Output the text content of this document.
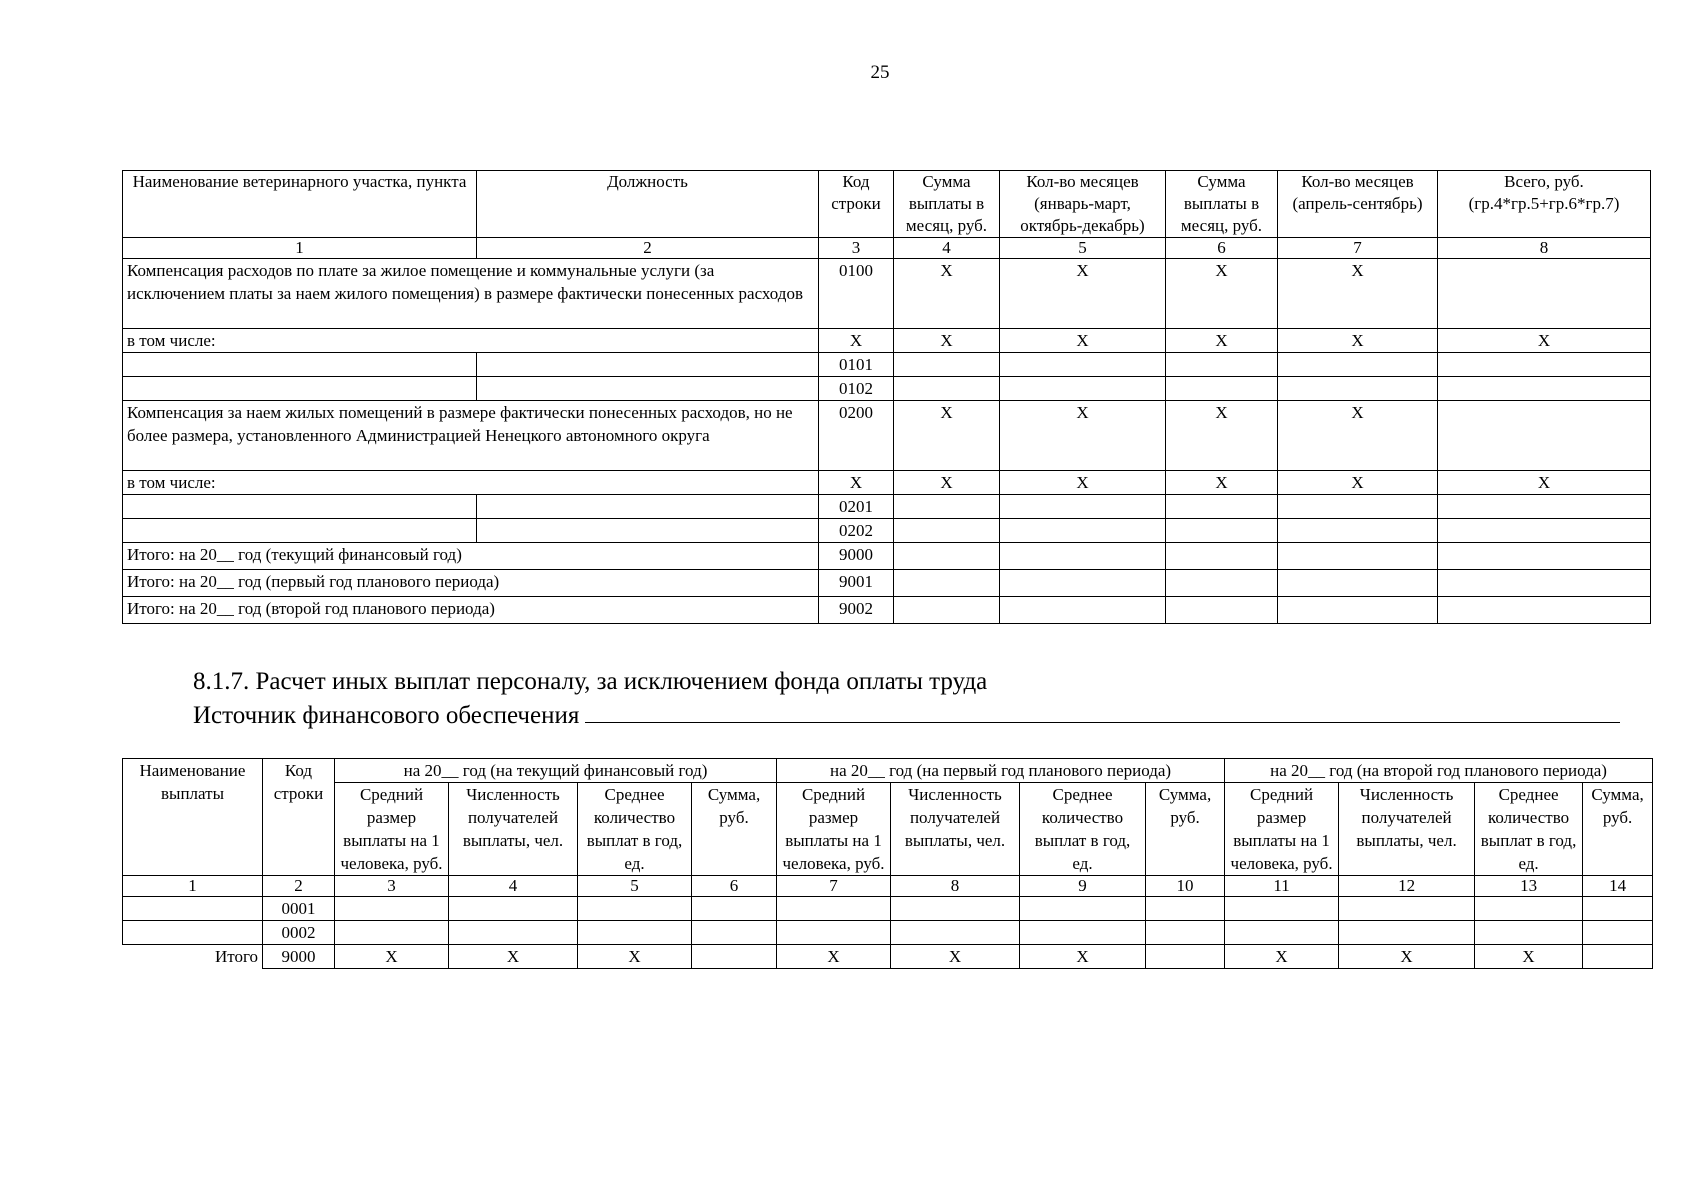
25
Наименование ветеринарного участка, пункта	Должность	Код строки	Сумма выплаты в месяц, руб.	Кол-во месяцев (январь-март, октябрь-декабрь)	Сумма выплаты в месяц, руб.	Кол-во месяцев (апрель-сентябрь)	Всего, руб. (гр.4*гр.5+гр.6*гр.7)
1	2	3	4	5	6	7	8
Компенсация расходов по плате за жилое помещение и коммунальные услуги (за исключением платы за наем жилого помещения) в размере фактически понесенных расходов		0100	Х	Х	Х	Х	
в том числе:		Х	Х	Х	Х	Х	Х
		0101					
		0102					
Компенсация за наем жилых помещений в размере фактически понесенных расходов, но не более размера, установленного Администрацией Ненецкого автономного округа		0200	Х	Х	Х	Х	
в том числе:		Х	Х	Х	Х	Х	Х
		0201					
		0202					
Итого: на 20__ год (текущий финансовый год)		9000					
Итого: на 20__ год (первый год планового периода)		9001					
Итого: на 20__ год (второй год планового периода)		9002					
8.1.7. Расчет иных выплат персоналу, за исключением фонда оплаты труда
Источник финансового обеспечения
Наименование выплаты	Код строки	на 20__ год (на текущий финансовый год)				на 20__ год (на первый год планового периода)				на 20__ год (на второй год планового периода)			
		Средний размер выплаты на 1 человека, руб.	Численность получателей выплаты, чел.	Среднее количество выплат в год, ед.	Сумма, руб.	Средний размер выплаты на 1 человека, руб.	Численность получателей выплаты, чел.	Среднее количество выплат в год, ед.	Сумма, руб.	Средний размер выплаты на 1 человека, руб.	Численность получателей выплаты, чел.	Среднее количество выплат в год, ед.	Сумма, руб.
1	2	3	4	5	6	7	8	9	10	11	12	13	14
	0001												
	0002												
Итого	9000	Х	Х	Х		Х	Х	Х		Х	Х	Х	
